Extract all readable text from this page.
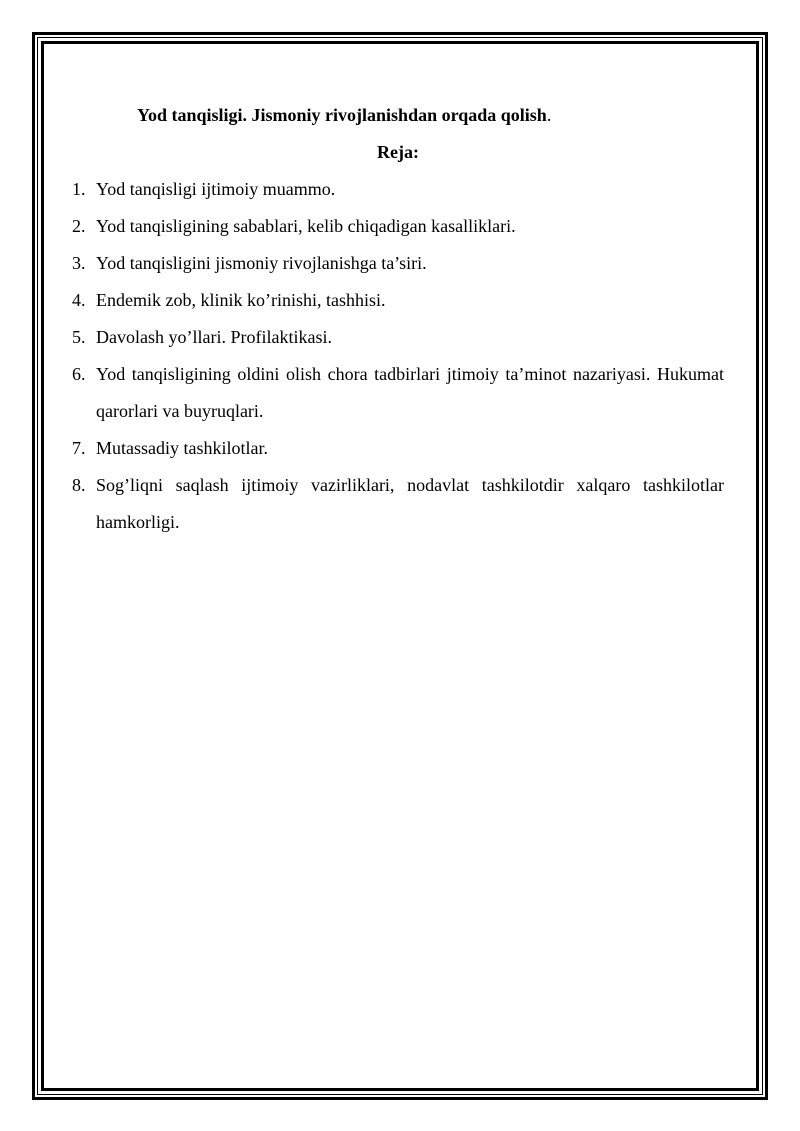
Yod tanqisligi. Jismoniy rivojlanishdan orqada qolish.

Reja:

1. Yod tanqisligi ijtimoiy muammo.
2. Yod tanqisligining sabablari, kelib chiqadigan kasalliklari.
3. Yod tanqisligini jismoniy rivojlanishga ta’siri.
4. Endemik zob, klinik ko’rinishi, tashhisi.
5. Davolash yo’llari. Profilaktikasi.
6. Yod tanqisligining oldini olish chora tadbirlari jtimoiy ta’minot nazariyasi. Hukumat qarorlari va buyruqlari.
7. Mutassadiy tashkilotlar.
8. Sog’liqni saqlash ijtimoiy vazirliklari, nodavlat tashkilotdir xalqaro tashkilotlar hamkorligi.
